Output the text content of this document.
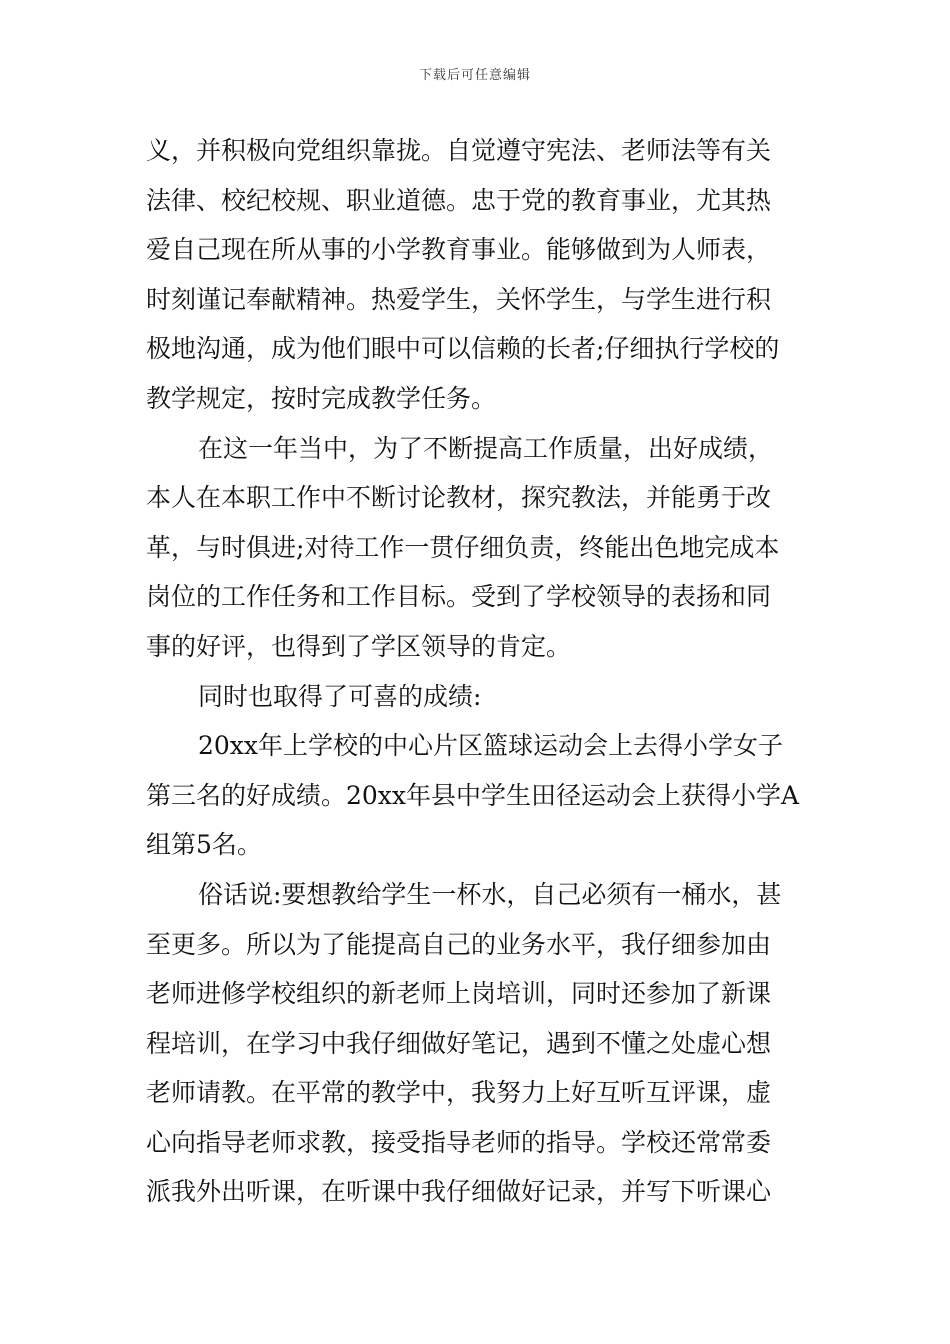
下载后可任意编辑
义，并积极向党组织靠拢。自觉遵守宪法、老师法等有关
法律、校纪校规、职业道德。忠于党的教育事业，尤其热
爱自己现在所从事的小学教育事业。能够做到为人师表，
时刻谨记奉献精神。热爱学生，关怀学生，与学生进行积
极地沟通，成为他们眼中可以信赖的长者;仔细执行学校的
教学规定，按时完成教学任务。
在这一年当中，为了不断提高工作质量，出好成绩，
本人在本职工作中不断讨论教材，探究教法，并能勇于改
革，与时俱进;对待工作一贯仔细负责，终能出色地完成本
岗位的工作任务和工作目标。受到了学校领导的表扬和同
事的好评，也得到了学区领导的肯定。
同时也取得了可喜的成绩:
20xx年上学校的中心片区篮球运动会上去得小学女子
第三名的好成绩。20xx年县中学生田径运动会上获得小学A
组第5名。
俗话说:要想教给学生一杯水，自己必须有一桶水，甚
至更多。所以为了能提高自己的业务水平，我仔细参加由
老师进修学校组织的新老师上岗培训，同时还参加了新课
程培训，在学习中我仔细做好笔记，遇到不懂之处虚心想
老师请教。在平常的教学中，我努力上好互听互评课，虚
心向指导老师求教，接受指导老师的指导。学校还常常委
派我外出听课，在听课中我仔细做好记录，并写下听课心
